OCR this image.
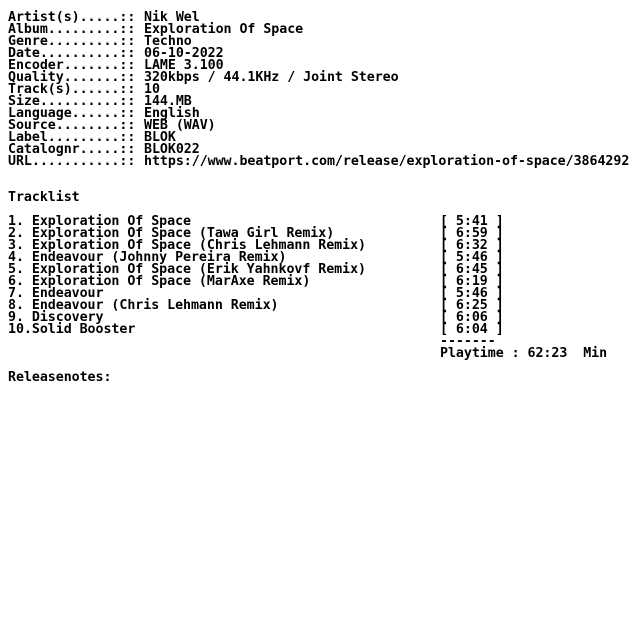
Artist(s).....:: Nik Wel
Album.........:: Exploration Of Space
Genre.........:: Techno
Date..........:: 06-10-2022
Encoder.......:: LAME 3.100
Quality.......:: 320kbps / 44.1KHz / Joint Stereo
Track(s)......:: 10
Size..........:: 144.MB
Language......:: English
Source........:: WEB (WAV)
Label.........:: BLOK
Catalognr.....:: BLOK022
URL...........:: https://www.beatport.com/release/exploration-of-space/3864292
Tracklist
1. Exploration Of Space	[ 5:41 ]
2. Exploration Of Space (Tawa Girl Remix)	[ 6:59 ]
3. Exploration Of Space (Chris Lehmann Remix)	[ 6:32 ]
4. Endeavour (Johnny Pereira Remix)	[ 5:46 ]
5. Exploration Of Space (Erik Yahnkovf Remix)	[ 6:45 ]
6. Exploration Of Space (MarAxe Remix)	[ 6:19 ]
7. Endeavour	[ 5:46 ]
8. Endeavour (Chris Lehmann Remix)	[ 6:25 ]
9. Discovery	[ 6:06 ]
10.Solid Booster	[ 6:04 ]
-------
Playtime : 62:23  Min
Releasenotes:
